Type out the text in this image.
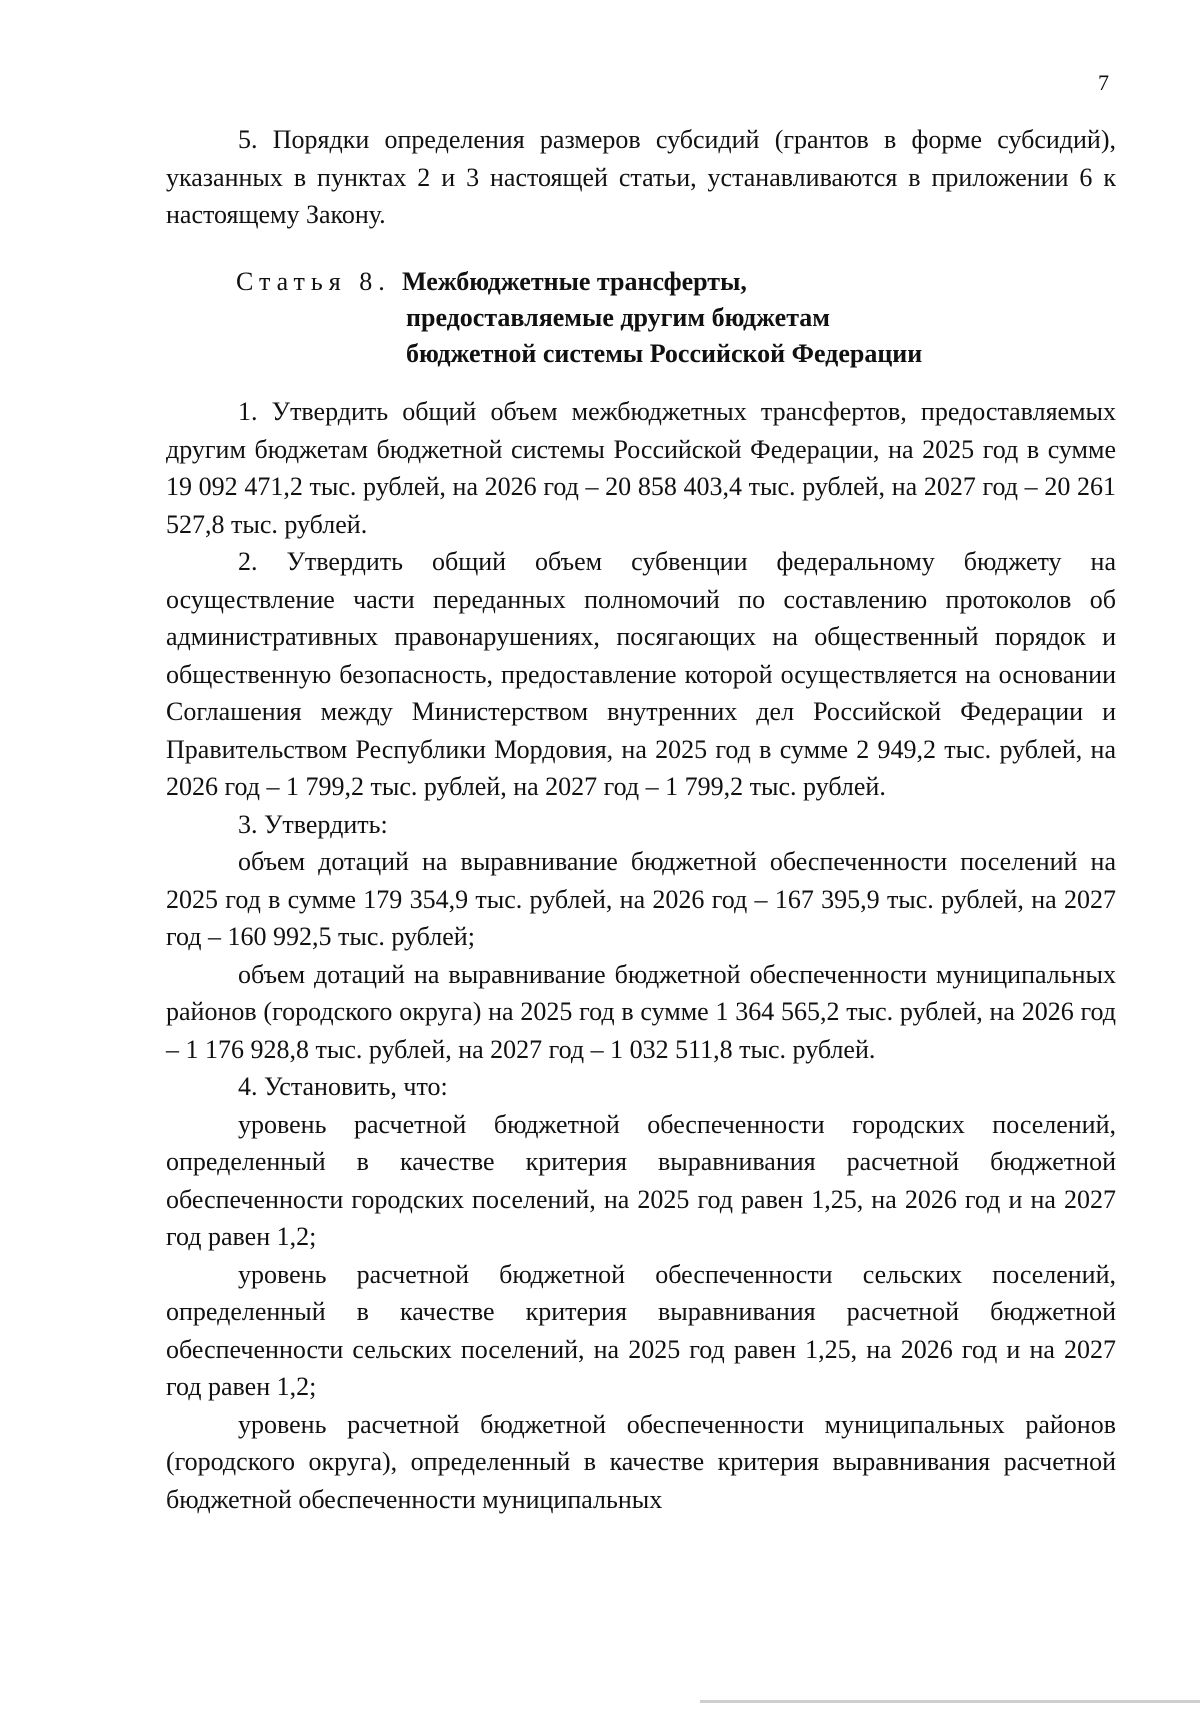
7

5. Порядки определения размеров субсидий (грантов в форме субсидий), указанных в пунктах 2 и 3 настоящей статьи, устанавливаются в приложении 6 к настоящему Закону.

Статья 8. Межбюджетные трансферты,
предоставляемые другим бюджетам
бюджетной системы Российской Федерации

1. Утвердить общий объем межбюджетных трансфертов, предоставляемых другим бюджетам бюджетной системы Российской Федерации, на 2025 год в сумме 19 092 471,2 тыс. рублей, на 2026 год – 20 858 403,4 тыс. рублей, на 2027 год – 20 261 527,8 тыс. рублей.

2. Утвердить общий объем субвенции федеральному бюджету на осуществление части переданных полномочий по составлению протоколов об административных правонарушениях, посягающих на общественный порядок и общественную безопасность, предоставление которой осуществляется на основании Соглашения между Министерством внутренних дел Российской Федерации и Правительством Республики Мордовия, на 2025 год в сумме 2 949,2 тыс. рублей, на 2026 год – 1 799,2 тыс. рублей, на 2027 год – 1 799,2 тыс. рублей.

3. Утвердить:

объем дотаций на выравнивание бюджетной обеспеченности поселений на 2025 год в сумме 179 354,9 тыс. рублей, на 2026 год – 167 395,9 тыс. рублей, на 2027 год – 160 992,5 тыс. рублей;

объем дотаций на выравнивание бюджетной обеспеченности муниципальных районов (городского округа) на 2025 год в сумме 1 364 565,2 тыс. рублей, на 2026 год – 1 176 928,8 тыс. рублей, на 2027 год – 1 032 511,8 тыс. рублей.

4. Установить, что:

уровень расчетной бюджетной обеспеченности городских поселений, определенный в качестве критерия выравнивания расчетной бюджетной обеспеченности городских поселений, на 2025 год равен 1,25, на 2026 год и на 2027 год равен 1,2;

уровень расчетной бюджетной обеспеченности сельских поселений, определенный в качестве критерия выравнивания расчетной бюджетной обеспеченности сельских поселений, на 2025 год равен 1,25, на 2026 год и на 2027 год равен 1,2;

уровень расчетной бюджетной обеспеченности муниципальных районов (городского округа), определенный в качестве критерия выравнивания расчетной бюджетной обеспеченности муниципальных
